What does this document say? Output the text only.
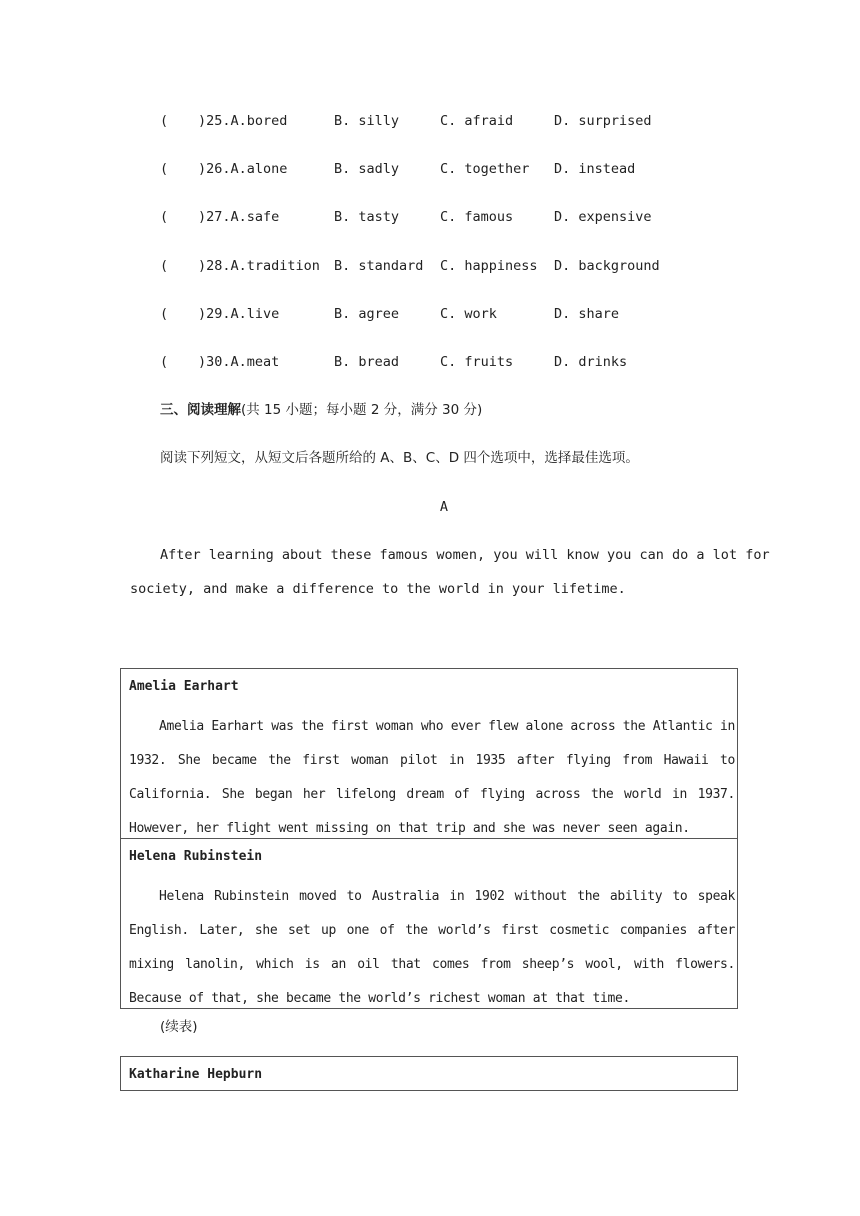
( )25.A.bored	B. silly	C. afraid	D. surprised
( )26.A.alone	B. sadly	C. together D. instead
( )27.A.safe	B. tasty	C. famous	D. expensive
( )28.A.tradition B. standard C. happiness D. background
( )29.A.live	B. agree	C. work	D. share
( )30.A.meat	B. bread	C. fruits	D. drinks
三、阅读理解(共 15 小题；每小题 2 分，满分 30 分)
阅读下列短文，从短文后各题所给的 A、B、C、D 四个选项中，选择最佳选项。
A
After learning about these famous women, you will know you can do a lot for
society, and make a difference to the world in your lifetime.
Amelia Earhart
Amelia Earhart was the first woman who ever flew alone across the Atlantic in 1932. She became the first woman pilot in 1935 after flying from Hawaii to California. She began her lifelong dream of flying across the world in 1937. However, her flight went missing on that trip and she was never seen again.
Helena Rubinstein
Helena Rubinstein moved to Australia in 1902 without the ability to speak English. Later, she set up one of the world’s first cosmetic companies after mixing lanolin, which is an oil that comes from sheep’s wool, with flowers. Because of that, she became the world’s richest woman at that time.
(续表)
Katharine Hepburn
